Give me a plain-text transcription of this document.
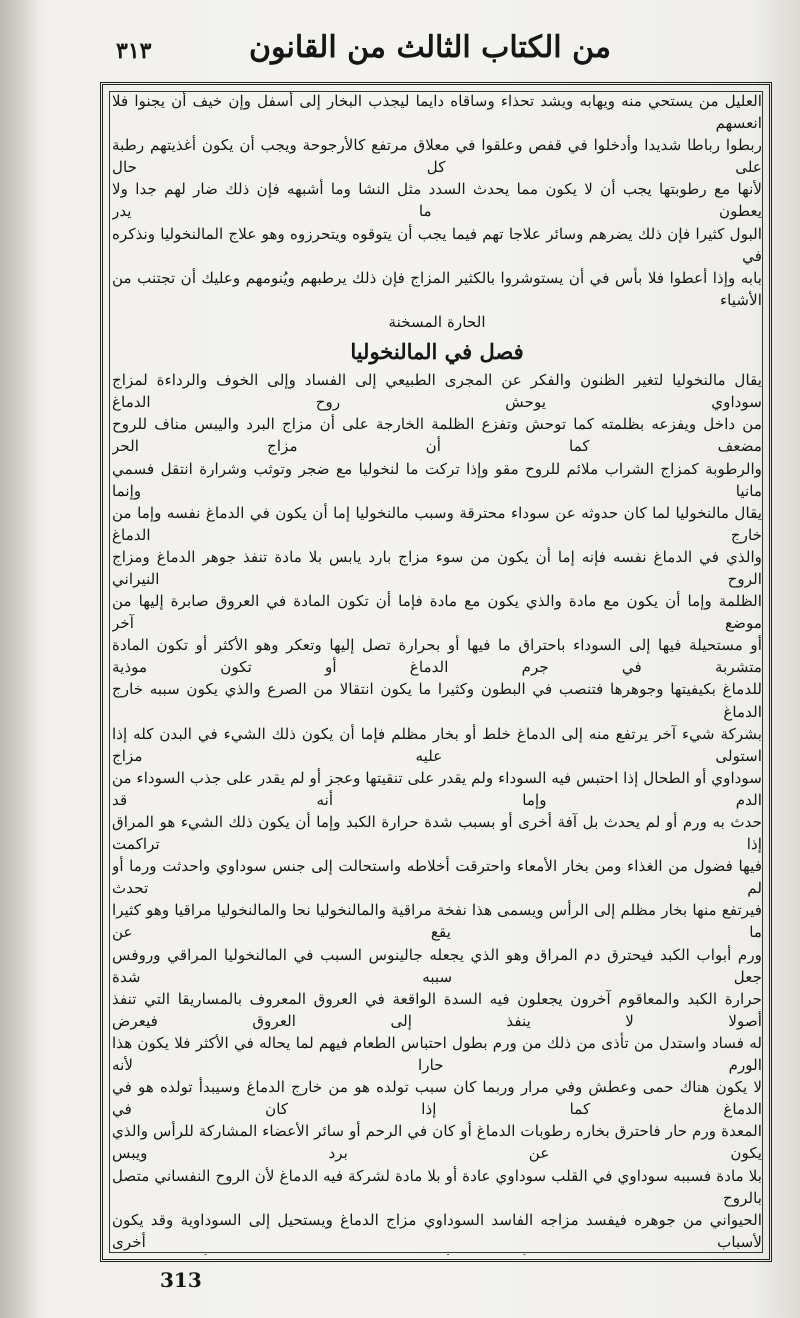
٣١٣	من الكتاب الثالث من القانون

العليل من يستحي منه ويهابه ويشد تحذاء وساقاه دايما ليجذب البخار إلى أسفل وإن خيف أن يجنوا فلا انعسهم

ربطوا رباطا شديدا وأدخلوا في قفص وعلقوا في معلاق مرتفع كالأرجوحة ويجب أن يكون أغذيتهم رطبة على كل حال

لأنها مع رطوبتها يجب أن لا يكون مما يحدث السدد مثل النشا وما أشبهه فإن ذلك ضار لهم جدا ولا يعطون ما يدر

البول كثيرا فإن ذلك يضرهم وسائر علاجا تهم فيما يجب أن يتوقوه ويتحرزوه وهو علاج المالنخوليا ونذكره في

بابه وإذا أعطوا فلا بأس في أن يستوشروا بالكثير المزاج فإن ذلك يرطبهم ويُنومهم وعليك أن تجتنب من الأشياء

الحارة المسخنة

فصل في المالنخوليا

يقال مالنخوليا لتغير الظنون والفكر عن المجرى الطبيعي إلى الفساد وإلى الخوف والرداءة لمزاج سوداوي يوحش روح الدماغ

من داخل ويفزعه بظلمته كما توحش وتفزع الظلمة الخارجة على أن مزاج البرد واليبس مناف للروح مضعف كما أن مزاج الحر

والرطوبة كمزاج الشراب ملائم للروح مقو وإذا تركت ما لنخوليا مع ضجر وتوثب وشرارة انتقل فسمي مانيا وإنما

يقال مالنخوليا لما كان حدوثه عن سوداء محترقة وسبب مالنخوليا إما أن يكون في الدماغ نفسه وإما من خارج الدماغ

والذي في الدماغ نفسه فإنه إما أن يكون من سوء مزاج بارد يابس بلا مادة تنفذ جوهر الدماغ ومزاج الروح النيراني

الظلمة وإما أن يكون مع مادة والذي يكون مع مادة فإما أن تكون المادة في العروق صابرة إليها من موضع آخر

أو مستحيلة فيها إلى السوداء باحتراق ما فيها أو بحرارة تصل إليها وتعكر وهو الأكثر أو تكون المادة متشربة في جرم الدماغ أو تكون موذية

للدماغ بكيفيتها وجوهرها فتنصب في البطون وكثيرا ما يكون انتقالا من الصرع والذي يكون سببه خارج الدماغ

بشركة شيء آخر يرتفع منه إلى الدماغ خلط أو بخار مظلم فإما أن يكون ذلك الشيء في البدن كله إذا استولى عليه مزاج

سوداوي أو الطحال إذا احتبس فيه السوداء ولم يقدر على تنقيتها وعجز أو لم يقدر على جذب السوداء من الدم وإما أنه قد

حدث به ورم أو لم يحدث بل آفة أخرى أو بسبب شدة حرارة الكبد وإما أن يكون ذلك الشيء هو المراق إذا تراكمت

فيها فضول من الغذاء ومن بخار الأمعاء واحترقت أخلاطه واستحالت إلى جنس سوداوي واحدثت ورما أو لم تحدث

فيرتفع منها بخار مظلم إلى الرأس ويسمى هذا نفخة مراقية والمالنخوليا نحا والمالنخوليا مراقيا وهو كثيرا ما يقع عن

ورم أبواب الكبد فيحترق دم المراق وهو الذي يجعله جالينوس السبب في المالنخوليا المراقي وروفس جعل سببه شدة

حرارة الكبد والمعاقوم آخرون يجعلون فيه السدة الواقعة في العروق المعروف بالمساريقا التي تنفذ أصولا لا ينفذ إلى العروق فيعرض

له فساد واستدل من تأذى من ذلك من ورم بطول احتباس الطعام فيهم لما يحاله في الأكثر فلا يكون هذا الورم حارا لأنه

لا يكون هناك حمى وعطش وفي مرار وربما كان سبب تولده هو من خارج الدماغ وسيبدأ تولده هو في الدماغ كما إذا كان في

المعدة ورم حار فاحترق بخاره رطوبات الدماغ أو كان في الرحم أو سائر الأعضاء المشاركة للرأس والذي يكون عن برد ويبس

بلا مادة فسببه سوداوي في القلب سوداوي عادة أو بلا مادة لشركة فيه الدماغ لأن الروح النفساني متصل بالروح

الحيواني من جوهره فيفسد مزاجه الفاسد السوداوي مزاج الدماغ ويستحيل إلى السوداوية وقد يكون لأسباب أخرى

313
